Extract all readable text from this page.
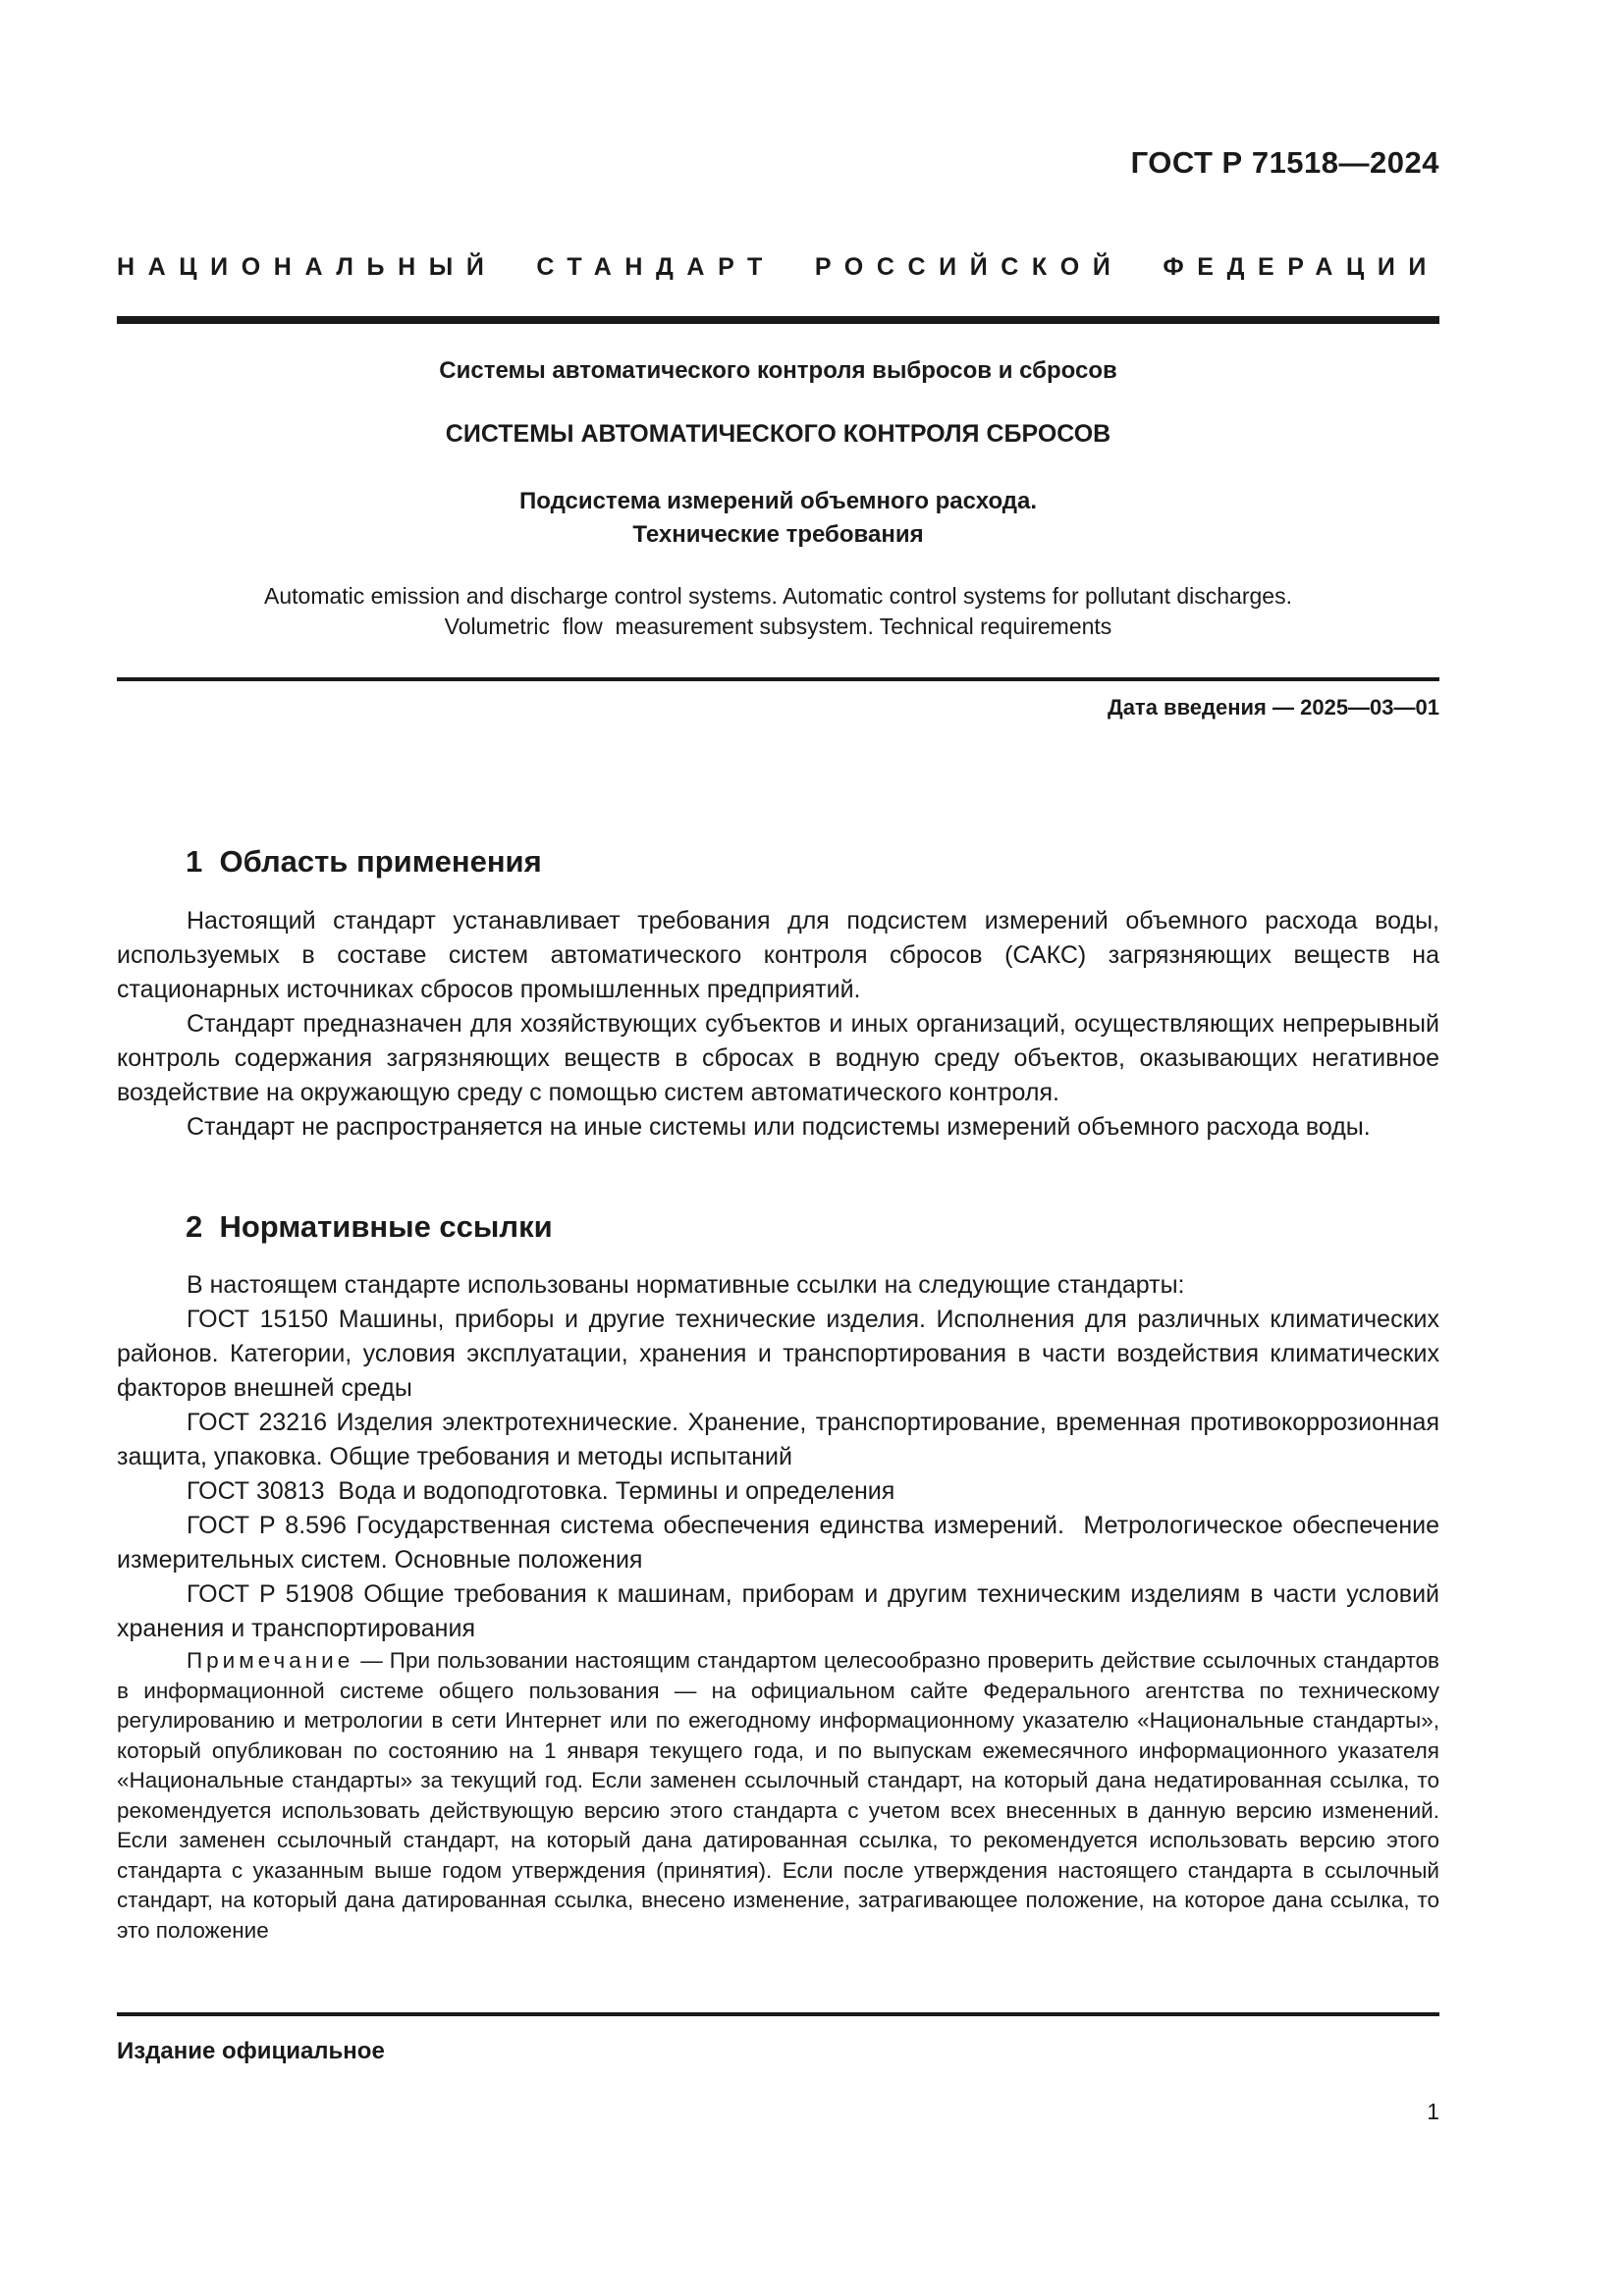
ГОСТ Р 71518—2024
НАЦИОНАЛЬНЫЙ СТАНДАРТ РОССИЙСКОЙ ФЕДЕРАЦИИ
Системы автоматического контроля выбросов и сбросов
СИСТЕМЫ АВТОМАТИЧЕСКОГО КОНТРОЛЯ СБРОСОВ
Подсистема измерений объемного расхода.
Технические требования
Automatic emission and discharge control systems. Automatic control systems for pollutant discharges.
Volumetric  flow  measurement subsystem. Technical requirements
Дата введения — 2025—03—01
1  Область применения

Настоящий стандарт устанавливает требования для подсистем измерений объемного расхода воды, используемых в составе систем автоматического контроля сбросов (САКС) загрязняющих веществ на стационарных источниках сбросов промышленных предприятий.

Стандарт предназначен для хозяйствующих субъектов и иных организаций, осуществляющих непрерывный контроль содержания загрязняющих веществ в сбросах в водную среду объектов, оказывающих негативное воздействие на окружающую среду с помощью систем автоматического контроля.

Стандарт не распространяется на иные системы или подсистемы измерений объемного расхода воды.

2  Нормативные ссылки

В настоящем стандарте использованы нормативные ссылки на следующие стандарты:

ГОСТ 15150 Машины, приборы и другие технические изделия. Исполнения для различных климатических районов. Категории, условия эксплуатации, хранения и транспортирования в части воздействия климатических факторов внешней среды

ГОСТ 23216 Изделия электротехнические. Хранение, транспортирование, временная противокоррозионная защита, упаковка. Общие требования и методы испытаний

ГОСТ 30813  Вода и водоподготовка. Термины и определения

ГОСТ Р 8.596 Государственная система обеспечения единства измерений.  Метрологическое обеспечение измерительных систем. Основные положения

ГОСТ Р 51908 Общие требования к машинам, приборам и другим техническим изделиям в части условий хранения и транспортирования

Примечание — При пользовании настоящим стандартом целесообразно проверить действие ссылочных стандартов в информационной системе общего пользования — на официальном сайте Федерального агентства по техническому регулированию и метрологии в сети Интернет или по ежегодному информационному указателю «Национальные стандарты», который опубликован по состоянию на 1 января текущего года, и по выпускам ежемесячного информационного указателя «Национальные стандарты» за текущий год. Если заменен ссылочный стандарт, на который дана недатированная ссылка, то рекомендуется использовать действующую версию этого стандарта с учетом всех внесенных в данную версию изменений. Если заменен ссылочный стандарт, на который дана датированная ссылка, то рекомендуется использовать версию этого стандарта с указанным выше годом утверждения (принятия). Если после утверждения настоящего стандарта в ссылочный стандарт, на который дана датированная ссылка, внесено изменение, затрагивающее положение, на которое дана ссылка, то это положение
Издание официальное
1
